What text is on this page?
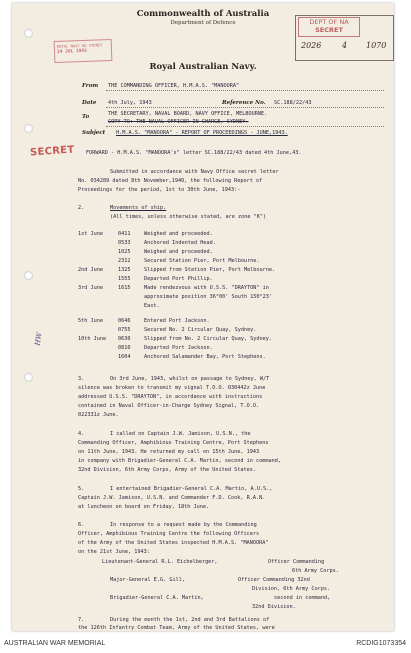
Commonwealth of Australia
Department of Defence
Royal Australian Navy.
ROYAL NAVY HQ SYDNEY
14 JUL 1943
DEPT OF NA
SECRET
2026	4 1070
From THE COMMANDING OFFICER, H.M.A.S. "MANOORA"
Date 4th July, 1943	Reference No. SC.188/22/43
To	THE SECRETARY, NAVAL BOARD, NAVY OFFICE, MELBOURNE.
COPY TO: THE NAVAL OFFICER-IN-CHARGE, SYDNEY.
Subject H.M.A.S. "MANOORA" - REPORT OF PROCEEDINGS - JUNE,1943.
SECRET FORWARD - H.M.A.S. "MANOORA's" letter SC.188/22/43 dated 4th June,43.
Submitted in accordance with Navy Office secret letter
No. 034289 dated 8th November,1940, the following Report of
Proceedings for the period, 1st to 30th June, 1943:-
2.	Movements of ship.
(All times, unless otherwise stated, are zone "K")
1st June	0411	Weighed and proceeded.
0533	Anchored Indented Head.
1025	Weighed and proceeded.
2312	Secured Station Pier, Port Melbourne.
2nd June	1325	Slipped from Station Pier, Port Melbourne.
1555	Departed Port Phillip.
3rd June	1615	Made rendezvous with U.S.S. "DRAYTON" in
approximate position 36°00' South 150°23'
East.
5th June	0646	Entered Port Jackson.
0755	Secured No. 2 Circular Quay, Sydney.
10th June 0630	Slipped from No. 2 Circular Quay, Sydney.
0810	Departed Port Jackson.
1604	Anchored Salamander Bay, Port Stephens.
HW
3.	On 3rd June, 1943, whilst on passage to Sydney, W/T
silence was broken to transmit my signal T.O.O. 030442z June
addressed U.S.S. "DRAYTON", in accordance with instructions
contained in Naval Officer-in-Charge Sydney Signal, T.O.O.
022331z June.
4.	I called on Captain J.W. Jamison, U.S.N., the
Commanding Officer, Amphibious Training Centre, Port Stephens
on 11th June, 1943. He returned my call on 15th June, 1943
in company with Brigadier-General C.A. Martin, second in command,
32nd Division, 6th Army Corps, Army of the United States.
5.	I entertained Brigadier-General C.A. Martin, A.U.S.,
Captain J.W. Jamison, U.S.N. and Commander F.D. Cook, R.A.N.
at luncheon on board on Friday, 18th June.
6.	In response to a request made by the Commanding
Officer, Amphibious Training Centre the following Officers
of the Army of the United States inspected H.M.A.S. "MANOORA"
on the 21st June, 1943:
Lieutenant-General R.L. Eichelberger,	Officer Commanding
6th Army Corps.
Major-General E.G. Gill,	Officer Commanding 32nd
Division, 6th Army Corps.
Brigadier-General C.A. Martin,	second in command,
32nd Division.
7.	During the month the 1st, 2nd and 3rd Battalions of
the 126th Infantry Combat Team, Army of the United States, were
AUSTRALIAN WAR MEMORIAL	RCDIG1073354
